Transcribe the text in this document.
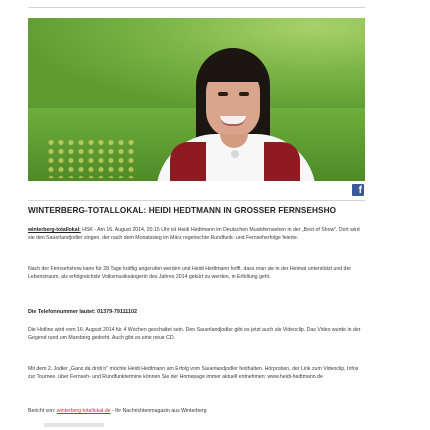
f
WINTERBERG-TOTALLOKAL: HEIDI HEDTMANN IN GROSSER FERNSEHSHO

winterberg-totallokal: HSK - Am 16. August 2014, 20.15 Uhr ist Heidi Hedtmann im Deutschen Musikfernsehen in der „Best of Show". Dort wird sie den Sauerlandjodler singen, der nach dem Monatssieg im März regelrechte Rundfunk- und Fernseherfolge feierte.

Nach der Fernsehshow kann für 28 Tage kräftig angerufen werden und Heidi Hedtmann hofft, dass man sie in der Heimat unterstützt und der Lebenstraum, als erfolgreichste Volksmusiksängerin des Jahres 2014 gekürt zu werden, in Erfüllung geht.

Die Telefonnummer lautet: 01379-79111102

Die Hotline wird vom 16. August 2014 für 4 Wochen geschaltet sein. Den Sauerlandjodler gibt es jetzt auch als Videoclip. Das Video wurde in der Gegend rund um Marsberg gedreht. Auch gibt es eine neue CD.

Mit dem 2. Jodler „Ganz da drob'n" möchte Heidi Hedtmann am Erfolg vom Sauerlandjodler festhalten. Hörproben, der Link zum Videoclip, Infos zur Tournee, über Fernseh- und Rundfunktermine können Sie der Homepage immer aktuell entnehmen: www.heidi-hedtmann.de

Bericht von: winterberg-totallokal.de - Ihr Nachrichtenmagazin aus Winterberg
